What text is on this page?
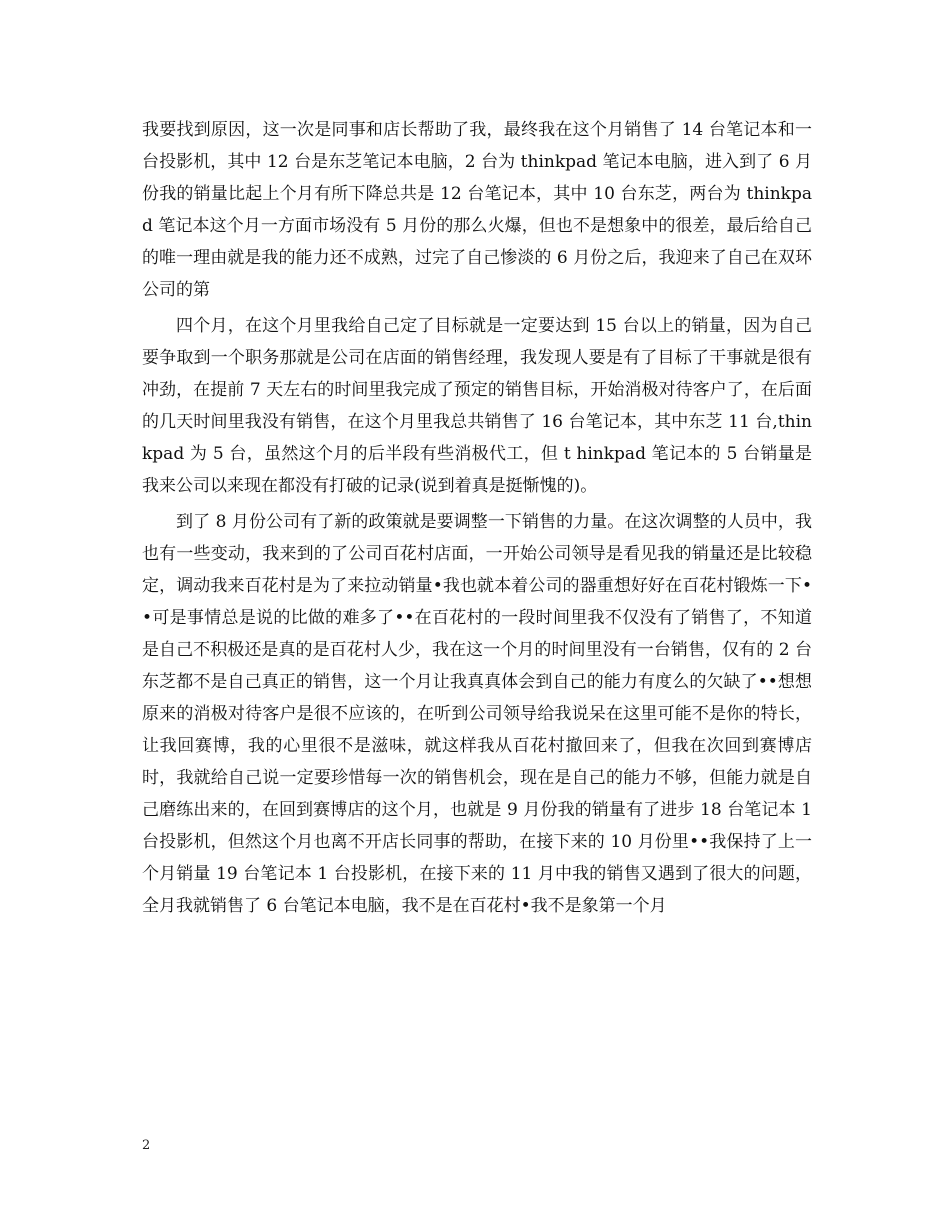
我要找到原因，这一次是同事和店长帮助了我，最终我在这个月销售了 14 台笔记本和一台投影机，其中 12 台是东芝笔记本电脑，2 台为 thinkpad 笔记本电脑，进入到了 6 月份我的销量比起上个月有所下降总共是 12 台笔记本，其中 10 台东芝，两台为 thinkpad 笔记本这个月一方面市场没有 5 月份的那么火爆，但也不是想象中的很差，最后给自己的唯一理由就是我的能力还不成熟，过完了自己惨淡的 6 月份之后，我迎来了自己在双环公司的第

四个月，在这个月里我给自己定了目标就是一定要达到 15 台以上的销量，因为自己要争取到一个职务那就是公司在店面的销售经理，我发现人要是有了目标了干事就是很有冲劲，在提前 7 天左右的时间里我完成了预定的销售目标，开始消极对待客户了，在后面的几天时间里我没有销售，在这个月里我总共销售了 16 台笔记本，其中东芝 11 台,thinkpad 为 5 台，虽然这个月的后半段有些消极代工，但 t hinkpad 笔记本的 5 台销量是我来公司以来现在都没有打破的记录(说到着真是挺惭愧的)。

到了 8 月份公司有了新的政策就是要调整一下销售的力量。在这次调整的人员中，我也有一些变动，我来到的了公司百花村店面，一开始公司领导是看见我的销量还是比较稳定，调动我来百花村是为了来拉动销量•我也就本着公司的器重想好好在百花村锻炼一下••可是事情总是说的比做的难多了••在百花村的一段时间里我不仅没有了销售了，不知道是自己不积极还是真的是百花村人少，我在这一个月的时间里没有一台销售，仅有的 2 台东芝都不是自己真正的销售，这一个月让我真真体会到自己的能力有度么的欠缺了••想想原来的消极对待客户是很不应该的，在听到公司领导给我说呆在这里可能不是你的特长，让我回赛博，我的心里很不是滋味，就这样我从百花村撤回来了，但我在次回到赛博店时，我就给自己说一定要珍惜每一次的销售机会，现在是自己的能力不够，但能力就是自己磨练出来的，在回到赛博店的这个月，也就是 9 月份我的销量有了进步 18 台笔记本 1 台投影机，但然这个月也离不开店长同事的帮助，在接下来的 10 月份里••我保持了上一个月销量 19 台笔记本 1 台投影机，在接下来的 11 月中我的销售又遇到了很大的问题，全月我就销售了 6 台笔记本电脑，我不是在百花村•我不是象第一个月

2
